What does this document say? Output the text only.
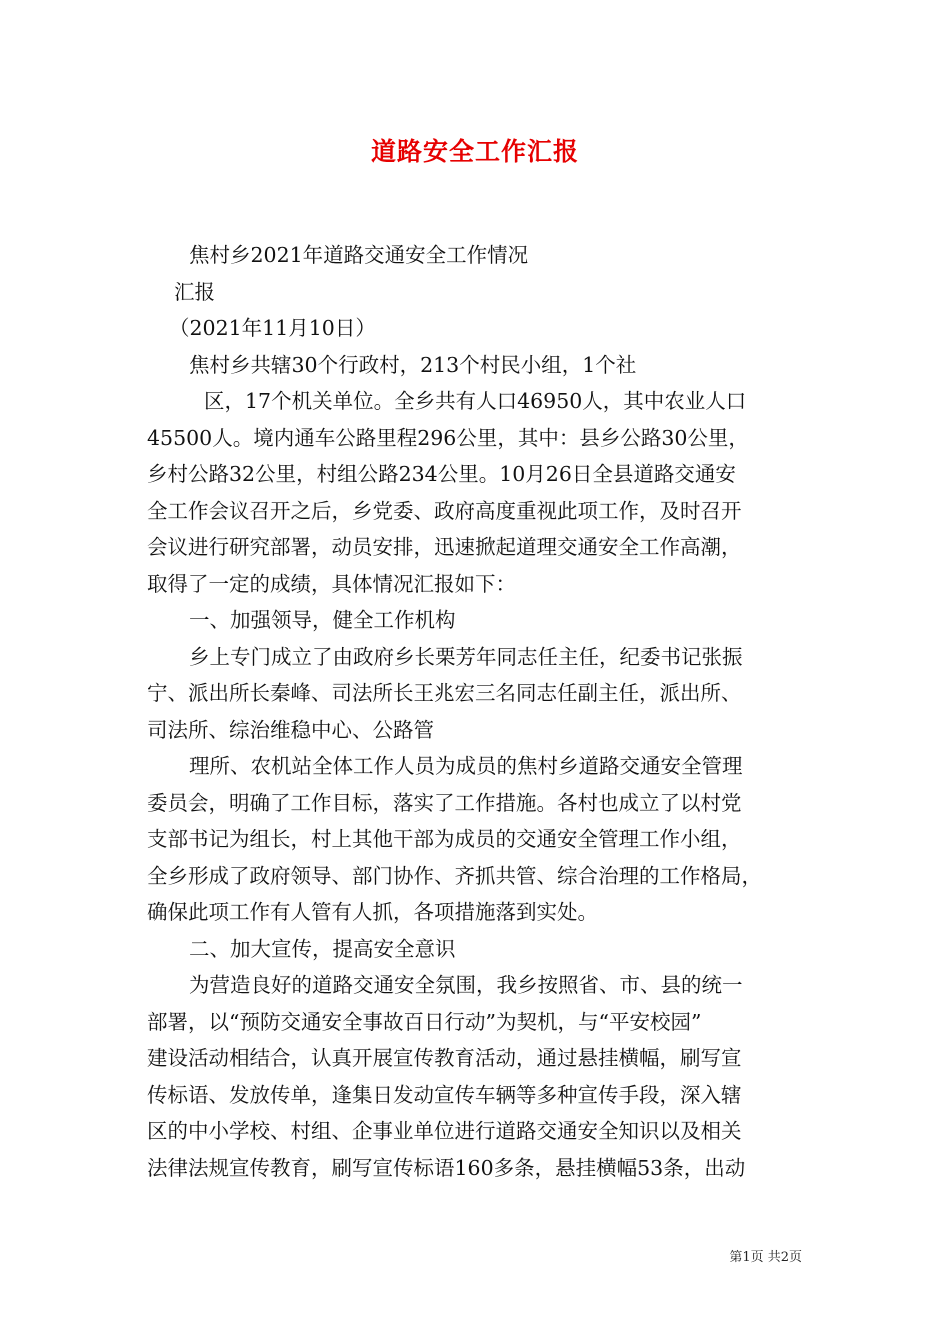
道路安全工作汇报
焦村乡2021年道路交通安全工作情况
汇报
（2021年11月10日）
焦村乡共辖30个行政村，213个村民小组，1个社
区，17个机关单位。全乡共有人口46950人，其中农业人口
45500人。境内通车公路里程296公里，其中：县乡公路30公里，
乡村公路32公里，村组公路234公里。10月26日全县道路交通安
全工作会议召开之后，乡党委、政府高度重视此项工作，及时召开
会议进行研究部署，动员安排，迅速掀起道理交通安全工作高潮，
取得了一定的成绩，具体情况汇报如下：
一、加强领导，健全工作机构
乡上专门成立了由政府乡长栗芳年同志任主任，纪委书记张振
宁、派出所长秦峰、司法所长王兆宏三名同志任副主任，派出所、
司法所、综治维稳中心、公路管
理所、农机站全体工作人员为成员的焦村乡道路交通安全管理
委员会，明确了工作目标，落实了工作措施。各村也成立了以村党
支部书记为组长，村上其他干部为成员的交通安全管理工作小组，
全乡形成了政府领导、部门协作、齐抓共管、综合治理的工作格局，
确保此项工作有人管有人抓，各项措施落到实处。
二、加大宣传，提高安全意识
为营造良好的道路交通安全氛围，我乡按照省、市、县的统一
部署，以“预防交通安全事故百日行动”为契机，与“平安校园”
建设活动相结合，认真开展宣传教育活动，通过悬挂横幅，刷写宣
传标语、发放传单，逢集日发动宣传车辆等多种宣传手段，深入辖
区的中小学校、村组、企事业单位进行道路交通安全知识以及相关
法律法规宣传教育，刷写宣传标语160多条，悬挂横幅53条，出动
第1页 共2页
